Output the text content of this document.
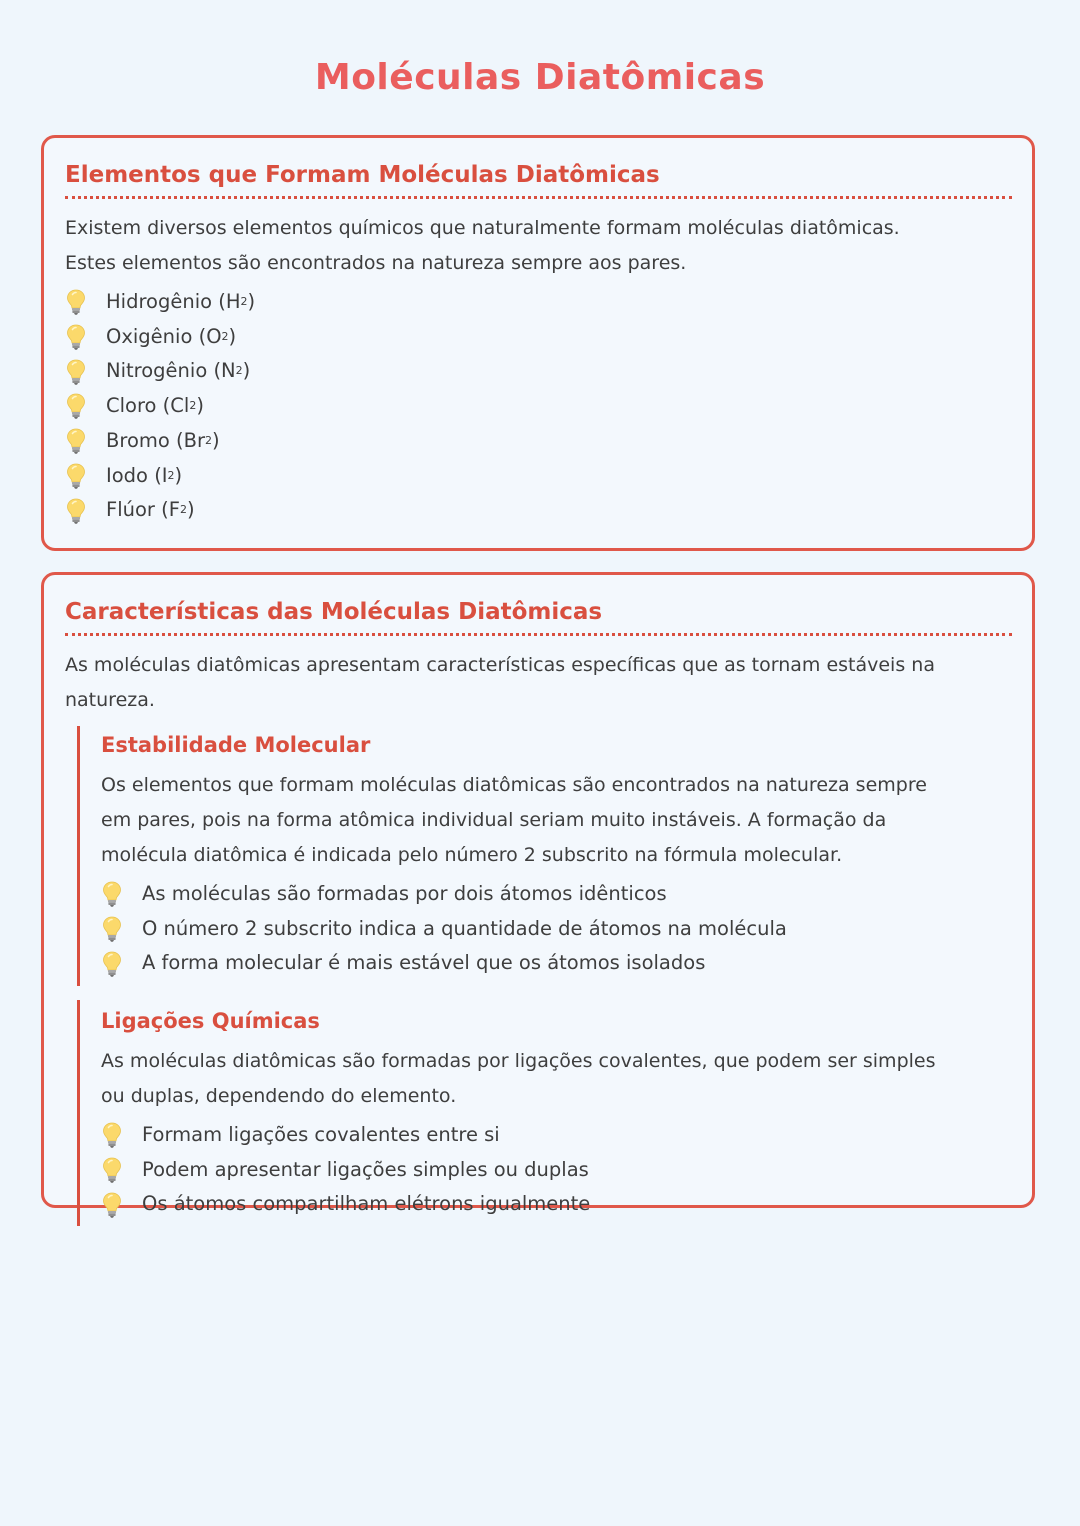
Moléculas Diatômicas
Elementos que Formam Moléculas Diatômicas

Existem diversos elementos químicos que naturalmente formam moléculas diatômicas. Estes elementos são encontrados na natureza sempre aos pares.

Hidrogênio (H 2 )
Oxigênio (O 2 )
Nitrogênio (N 2 )
Cloro (Cl 2 )
Bromo (Br 2 )
Iodo (I 2 )
Flúor (F 2 )
Características das Moléculas Diatômicas

As moléculas diatômicas apresentam características específicas que as tornam estáveis na natureza.

Estabilidade Molecular

Os elementos que formam moléculas diatômicas são encontrados na natureza sempre em pares, pois na forma atômica individual seriam muito instáveis. A formação da molécula diatômica é indicada pelo número 2 subscrito na fórmula molecular.

As moléculas são formadas por dois átomos idênticos
O número 2 subscrito indica a quantidade de átomos na molécula
A forma molecular é mais estável que os átomos isolados
Ligações Químicas

As moléculas diatômicas são formadas por ligações covalentes, que podem ser simples ou duplas, dependendo do elemento.

Formam ligações covalentes entre si
Podem apresentar ligações simples ou duplas
Os átomos compartilham elétrons igualmente
